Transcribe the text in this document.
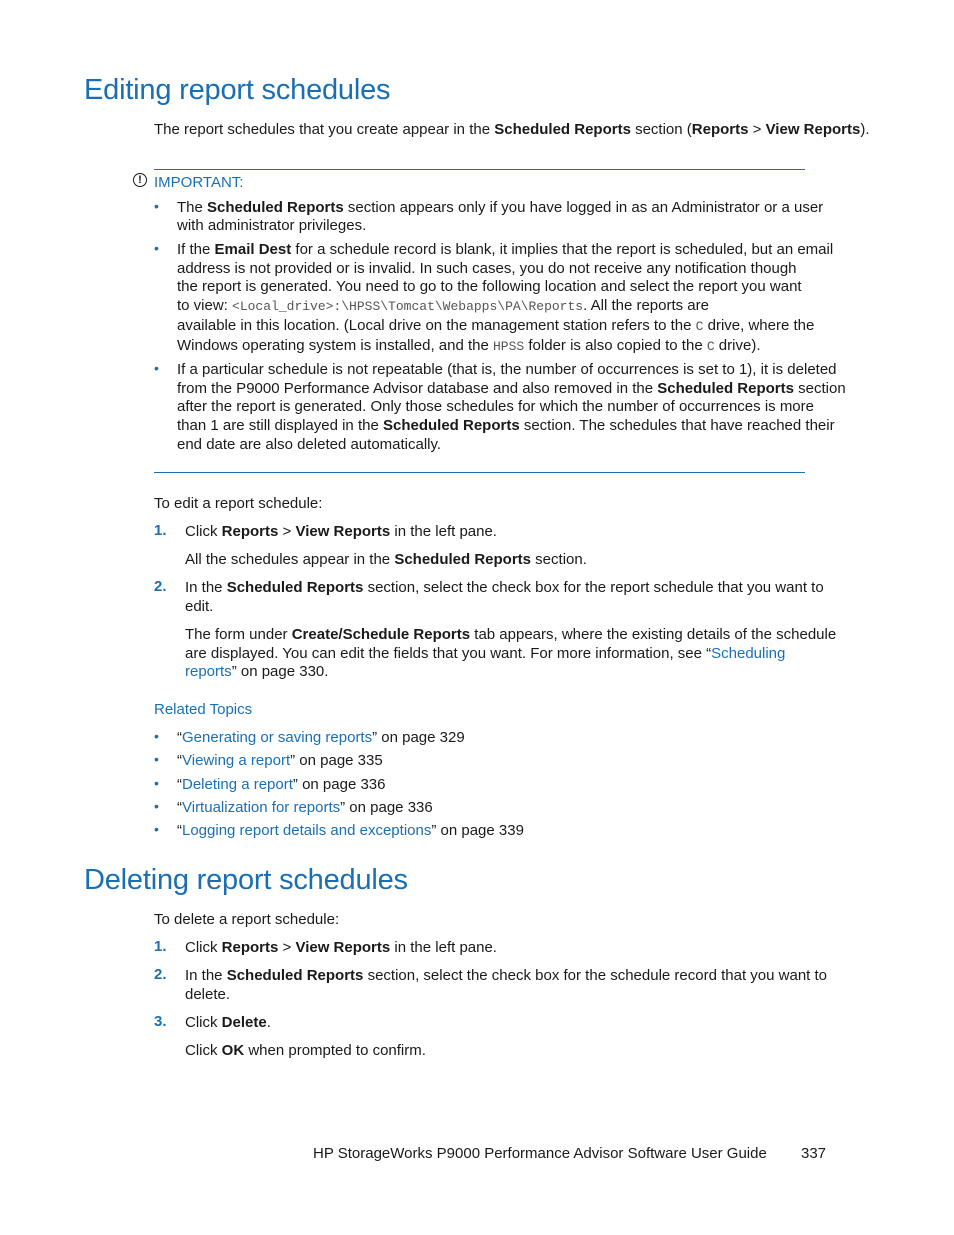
Editing report schedules
The report schedules that you create appear in the Scheduled Reports section (Reports > View Reports).
! IMPORTANT:
• The Scheduled Reports section appears only if you have logged in as an Administrator or a user
with administrator privileges.
• If the Email Dest for a schedule record is blank, it implies that the report is scheduled, but an email
address is not provided or is invalid. In such cases, you do not receive any notification though
the report is generated. You need to go to the following location and select the report you want
to view: <Local_drive>:\HPSS\Tomcat\Webapps\PA\Reports. All the reports are
available in this location. (Local drive on the management station refers to the C drive, where the
Windows operating system is installed, and the HPSS folder is also copied to the C drive).
• If a particular schedule is not repeatable (that is, the number of occurrences is set to 1), it is deleted
from the P9000 Performance Advisor database and also removed in the Scheduled Reports section
after the report is generated. Only those schedules for which the number of occurrences is more
than 1 are still displayed in the Scheduled Reports section. The schedules that have reached their
end date are also deleted automatically.
To edit a report schedule:
1. Click Reports > View Reports in the left pane.
All the schedules appear in the Scheduled Reports section.
2. In the Scheduled Reports section, select the check box for the report schedule that you want to
edit.
The form under Create/Schedule Reports tab appears, where the existing details of the schedule
are displayed. You can edit the fields that you want. For more information, see “Scheduling
reports” on page 330.
Related Topics
• “Generating or saving reports” on page 329
• “Viewing a report” on page 335
• “Deleting a report” on page 336
• “Virtualization for reports” on page 336
• “Logging report details and exceptions” on page 339
Deleting report schedules
To delete a report schedule:
1. Click Reports > View Reports in the left pane.
2. In the Scheduled Reports section, select the check box for the schedule record that you want to
delete.
3. Click Delete.
Click OK when prompted to confirm.
HP StorageWorks P9000 Performance Advisor Software User Guide 337
